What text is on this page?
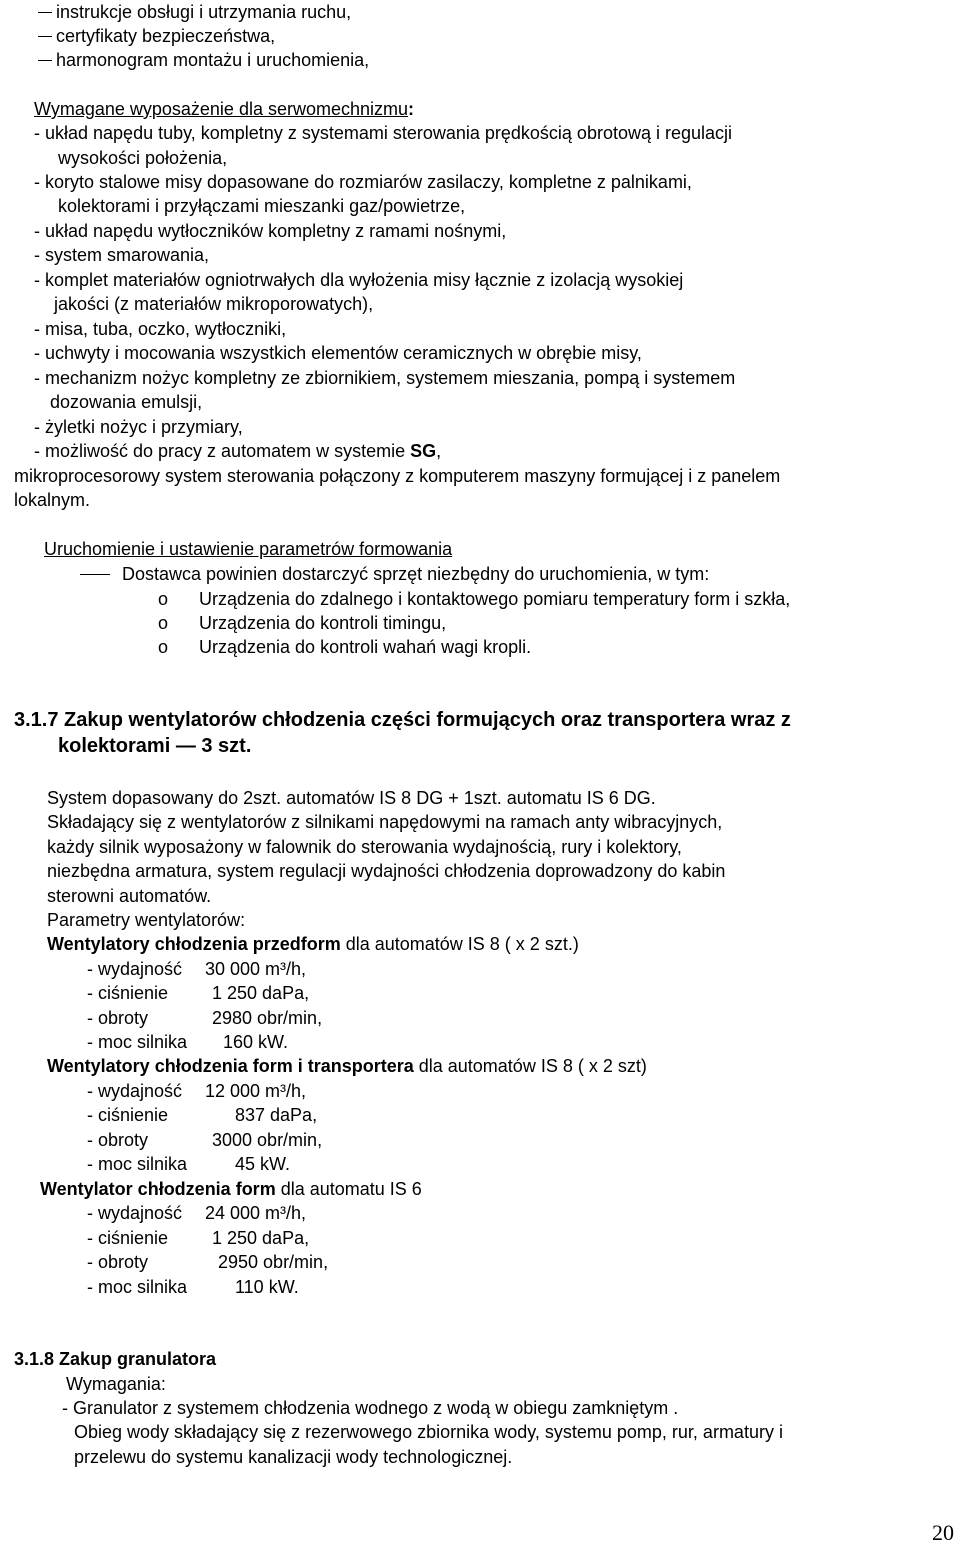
instrukcje obsługi i utrzymania ruchu,
certyfikaty bezpieczeństwa,
harmonogram montażu i uruchomienia,
Wymagane wyposażenie dla serwomechnizmu:
- układ napędu tuby, kompletny z systemami sterowania prędkością obrotową i regulacji
wysokości położenia,
- koryto stalowe misy dopasowane do rozmiarów zasilaczy, kompletne z palnikami,
kolektorami i przyłączami mieszanki gaz/powietrze,
- układ napędu wytłoczników kompletny z ramami nośnymi,
- system smarowania,
- komplet materiałów ogniotrwałych dla wyłożenia misy łącznie z izolacją wysokiej
jakości (z materiałów mikroporowatych),
- misa, tuba, oczko, wytłoczniki,
- uchwyty i mocowania wszystkich elementów ceramicznych w obrębie misy,
- mechanizm nożyc kompletny ze zbiornikiem, systemem mieszania, pompą i systemem
dozowania emulsji,
- żyletki nożyc i przymiary,
- możliwość do pracy z automatem w systemie SG,
mikroprocesorowy system sterowania połączony z komputerem maszyny formującej i z panelem
lokalnym.
Uruchomienie i ustawienie parametrów formowania
Dostawca powinien dostarczyć sprzęt niezbędny do uruchomienia, w tym:
o Urządzenia do zdalnego i kontaktowego pomiaru temperatury form i szkła,
o Urządzenia do kontroli timingu,
o Urządzenia do kontroli wahań wagi kropli.
3.1.7 Zakup wentylatorów chłodzenia części formujących oraz transportera wraz z
kolektorami — 3 szt.
System dopasowany do 2szt. automatów IS 8 DG + 1szt. automatu IS 6 DG.
Składający się z wentylatorów z silnikami napędowymi na ramach anty wibracyjnych,
każdy silnik wyposażony w falownik do sterowania wydajnością, rury i kolektory,
niezbędna armatura, system regulacji wydajności chłodzenia doprowadzony do kabin
sterowni automatów.
Parametry wentylatorów:
Wentylatory chłodzenia przedform dla automatów IS 8 ( x 2 szt.)
- wydajność 30 000 m³/h,
- ciśnienie 1 250 daPa,
- obroty	2980 obr/min,
- moc silnika 160 kW.
Wentylatory chłodzenia form i transportera dla automatów IS 8 ( x 2 szt)
- wydajność 12 000 m³/h,
- ciśnienie	837 daPa,
- obroty	3000 obr/min,
- moc silnika	45 kW.
Wentylator chłodzenia form dla automatu IS 6
- wydajność 24 000 m³/h,
- ciśnienie 1 250 daPa,
- obroty	2950 obr/min,
- moc silnika	110 kW.
3.1.8 Zakup granulatora
Wymagania:
- Granulator z systemem chłodzenia wodnego z wodą w obiegu zamkniętym .
Obieg wody składający się z rezerwowego zbiornika wody, systemu pomp, rur, armatury i
przelewu do systemu kanalizacji wody technologicznej.
20
